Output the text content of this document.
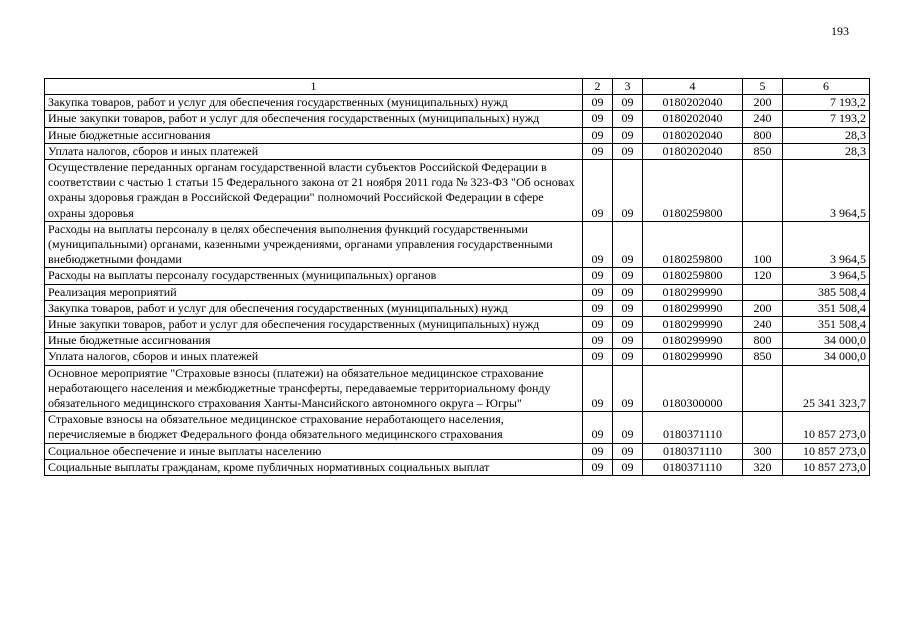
193
1	2	3	4	5	6
Закупка товаров, работ и услуг для обеспечения государственных (муниципальных) нужд	09	09	0180202040	200	7 193,2
Иные закупки товаров, работ и услуг для обеспечения государственных (муниципальных) нужд	09	09	0180202040	240	7 193,2
Иные бюджетные ассигнования	09	09	0180202040	800	28,3
Уплата налогов, сборов и иных платежей	09	09	0180202040	850	28,3
Осуществление переданных органам государственной власти субъектов Российской Федерации в соответствии с частью 1 статьи 15 Федерального закона от 21 ноября 2011 года № 323-ФЗ "Об основах охраны здоровья граждан в Российской Федерации" полномочий Российской Федерации в сфере охраны здоровья	09	09	0180259800		3 964,5
Расходы на выплаты персоналу в целях обеспечения выполнения функций государственными (муниципальными) органами, казенными учреждениями, органами управления государственными внебюджетными фондами	09	09	0180259800	100	3 964,5
Расходы на выплаты персоналу государственных (муниципальных) органов	09	09	0180259800	120	3 964,5
Реализация мероприятий	09	09	0180299990		385 508,4
Закупка товаров, работ и услуг для обеспечения государственных (муниципальных) нужд	09	09	0180299990	200	351 508,4
Иные закупки товаров, работ и услуг для обеспечения государственных (муниципальных) нужд	09	09	0180299990	240	351 508,4
Иные бюджетные ассигнования	09	09	0180299990	800	34 000,0
Уплата налогов, сборов и иных платежей	09	09	0180299990	850	34 000,0
Основное мероприятие "Страховые взносы (платежи) на обязательное медицинское страхование неработающего населения и межбюджетные трансферты, передаваемые территориальному фонду обязательного медицинского страхования Ханты-Мансийского автономного округа – Югры"	09	09	0180300000		25 341 323,7
Страховые взносы на обязательное медицинское страхование неработающего населения, перечисляемые в бюджет Федерального фонда обязательного медицинского страхования	09	09	0180371110		10 857 273,0
Социальное обеспечение и иные выплаты населению	09	09	0180371110	300	10 857 273,0
Социальные выплаты гражданам, кроме публичных нормативных социальных выплат	09	09	0180371110	320	10 857 273,0
